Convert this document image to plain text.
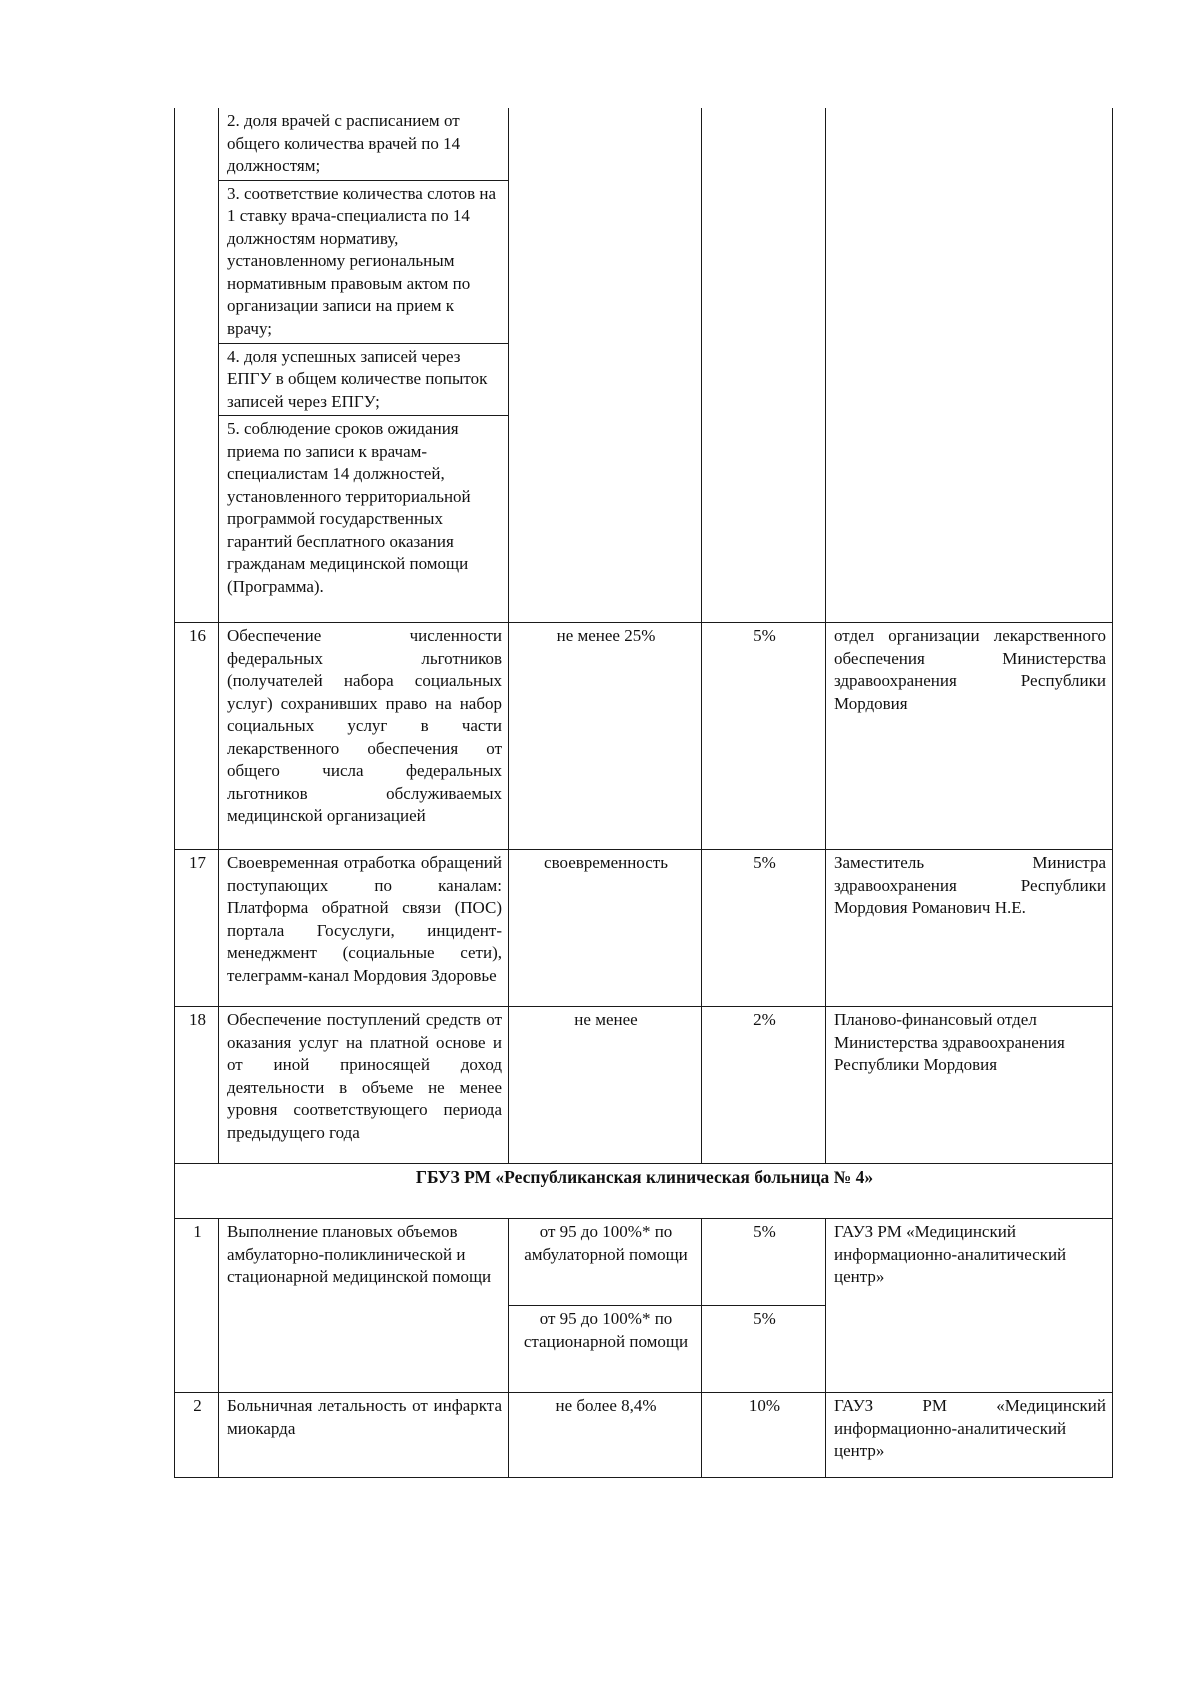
	2. доля врачей с расписанием от общего количества врачей по 14 должностям;			
	3. соответствие количества слотов на 1 ставку врача-специалиста по 14 должностям нормативу, установленному региональным нормативным правовым актом по организации записи на прием к врачу;			
	4. доля успешных записей через ЕПГУ в общем количестве попыток записей через ЕПГУ;			
	5. соблюдение сроков ожидания приема по записи к врачам-специалистам 14 должностей, установленного территориальной программой государственных гарантий бесплатного оказания гражданам медицинской помощи (Программа).			
16	Обеспечение численности федеральных льготников (получателей набора социальных услуг) сохранивших право на набор социальных услуг в части лекарственного обеспечения от общего числа федеральных льготников обслуживаемых медицинской организацией	не менее 25%	5%	отдел организации лекарственного обеспечения Министерства здравоохранения Республики Мордовия
17	Своевременная отработка обращений поступающих по каналам: Платформа обратной связи (ПОС) портала Госуслуги, инцидент-менеджмент (социальные сети), телеграмм-канал Мордовия Здоровье	своевременность	5%	Заместитель Министра здравоохранения Республики Мордовия Романович Н.Е.
18	Обеспечение поступлений средств от оказания услуг на платной основе и от иной приносящей доход деятельности в объеме не менее уровня соответствующего периода предыдущего года	не менее	2%	Планово-финансовый отдел Министерства здравоохранения Республики Мордовия
ГБУЗ РМ «Республиканская клиническая больница № 4»				
1	Выполнение плановых объемов амбулаторно-поликлинической и стационарной медицинской помощи	от 95 до 100%* по амбулаторной помощи	5%	ГАУЗ РМ «Медицинский информационно-аналитический центр»
		от 95 до 100%* по стационарной помощи	5%	
2	Больничная летальность от инфаркта миокарда	не более 8,4%	10%	ГАУЗ РМ «Медицинский информационно-аналитический центр»
